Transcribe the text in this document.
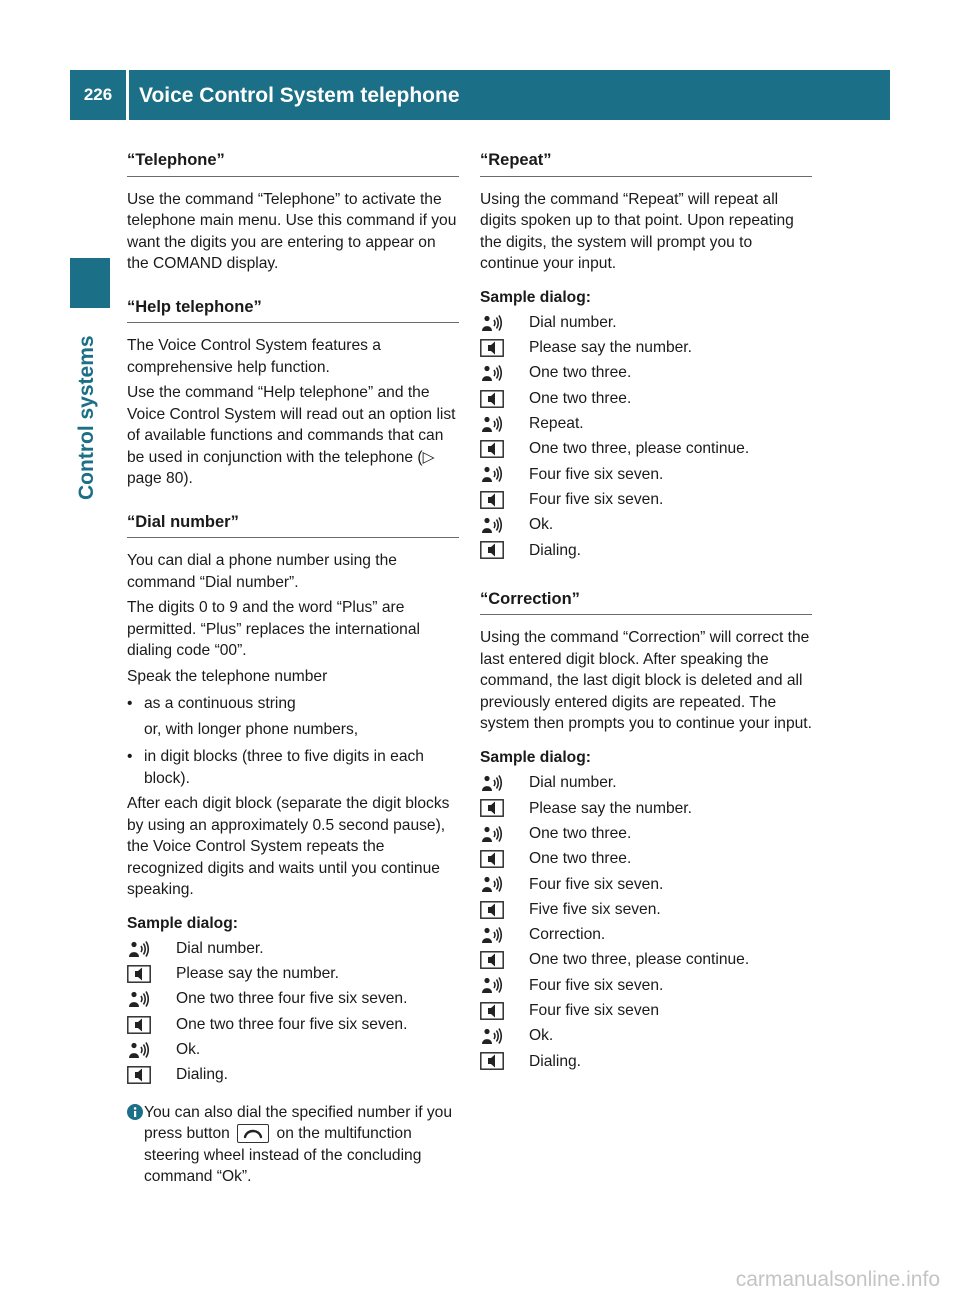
226	Voice Control System telephone
Control systems
“Telephone”

Use the command “Telephone” to activate the telephone main menu. Use this command if you want the digits you are entering to appear on the COMAND display.

“Help telephone”

The Voice Control System features a comprehensive help function.

Use the command “Help telephone” and the Voice Control System will read out an option list of available functions and commands that can be used in conjunction with the telephone (▷ page 80).

“Dial number”

You can dial a phone number using the command “Dial number”.

The digits 0 to 9 and the word “Plus” are permitted. “Plus” replaces the international dialing code “00”.

Speak the telephone number

• as a continuous string
or, with longer phone numbers,
• in digit blocks (three to five digits in each block).

After each digit block (separate the digit blocks by using an approximately 0.5 second pause), the Voice Control System repeats the recognized digits and waits until you continue speaking.

Sample dialog:
Dial number.
Please say the number.
One two three four five six seven.
One two three four five six seven.
Ok.
Dialing.
You can also dial the specified number if you press button	on the multifunction steering wheel instead of the concluding command “Ok”.
“Repeat”

Using the command “Repeat” will repeat all digits spoken up to that point. Upon repeating the digits, the system will prompt you to continue your input.

Sample dialog:
Dial number.
Please say the number.
One two three.
One two three.
Repeat.
One two three, please continue.
Four five six seven.
Four five six seven.
Ok.
Dialing.
“Correction”

Using the command “Correction” will correct the last entered digit block. After speaking the command, the last digit block is deleted and all previously entered digits are repeated. The system then prompts you to continue your input.

Sample dialog:
Dial number.
Please say the number.
One two three.
One two three.
Four five six seven.
Five five six seven.
Correction.
One two three, please continue.
Four five six seven.
Four five six seven
Ok.
Dialing.
carmanualsonline.info
